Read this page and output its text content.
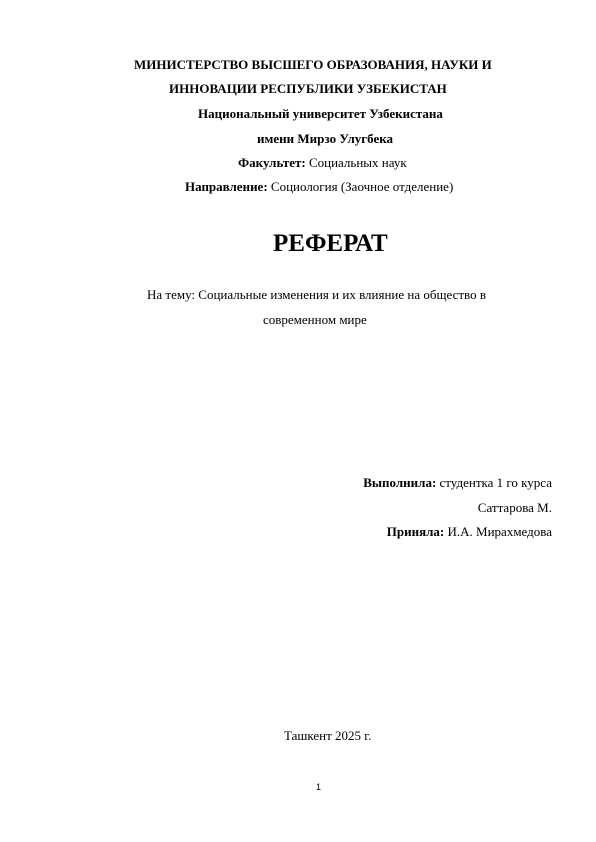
МИНИСТЕРСТВО ВЫСШЕГО ОБРАЗОВАНИЯ, НАУКИ И
ИННОВАЦИИ РЕСПУБЛИКИ УЗБЕКИСТАН
Национальный университет Узбекистана
имени Мирзо Улугбека
Факультет: Социальных наук
Направление: Социология (Заочное отделение)
РЕФЕРАТ
На тему: Социальные изменения и их влияние на общество в
современном мире
Выполнила: студентка 1 го курса
Саттарова М.
Приняла: И.А. Мирахмедова
Ташкент 2025 г.
1
